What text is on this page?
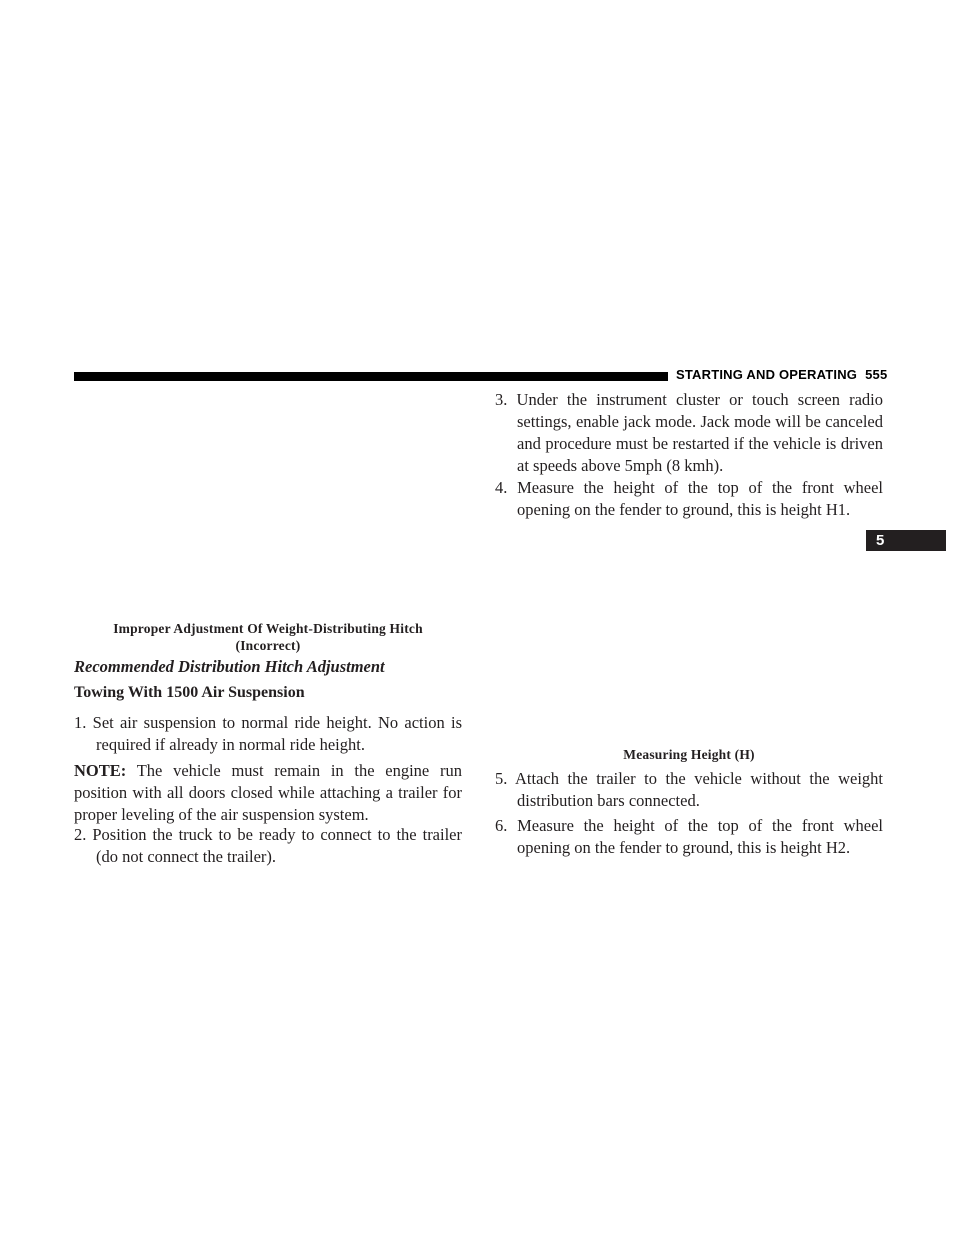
STARTING AND OPERATING 555
5
Improper Adjustment Of Weight-Distributing Hitch
(Incorrect)
Recommended Distribution Hitch Adjustment
Towing With 1500 Air Suspension

1. Set air suspension to normal ride height. No action is required if already in normal ride height.

NOTE: The vehicle must remain in the engine run position with all doors closed while attaching a trailer for proper leveling of the air suspension system.

2. Position the truck to be ready to connect to the trailer (do not connect the trailer).

3. Under the instrument cluster or touch screen radio settings, enable jack mode. Jack mode will be canceled and procedure must be restarted if the vehicle is driven at speeds above 5mph (8 kmh).

4. Measure the height of the top of the front wheel opening on the fender to ground, this is height H1.

Measuring Height (H)

5. Attach the trailer to the vehicle without the weight distribution bars connected.

6. Measure the height of the top of the front wheel opening on the fender to ground, this is height H2.
